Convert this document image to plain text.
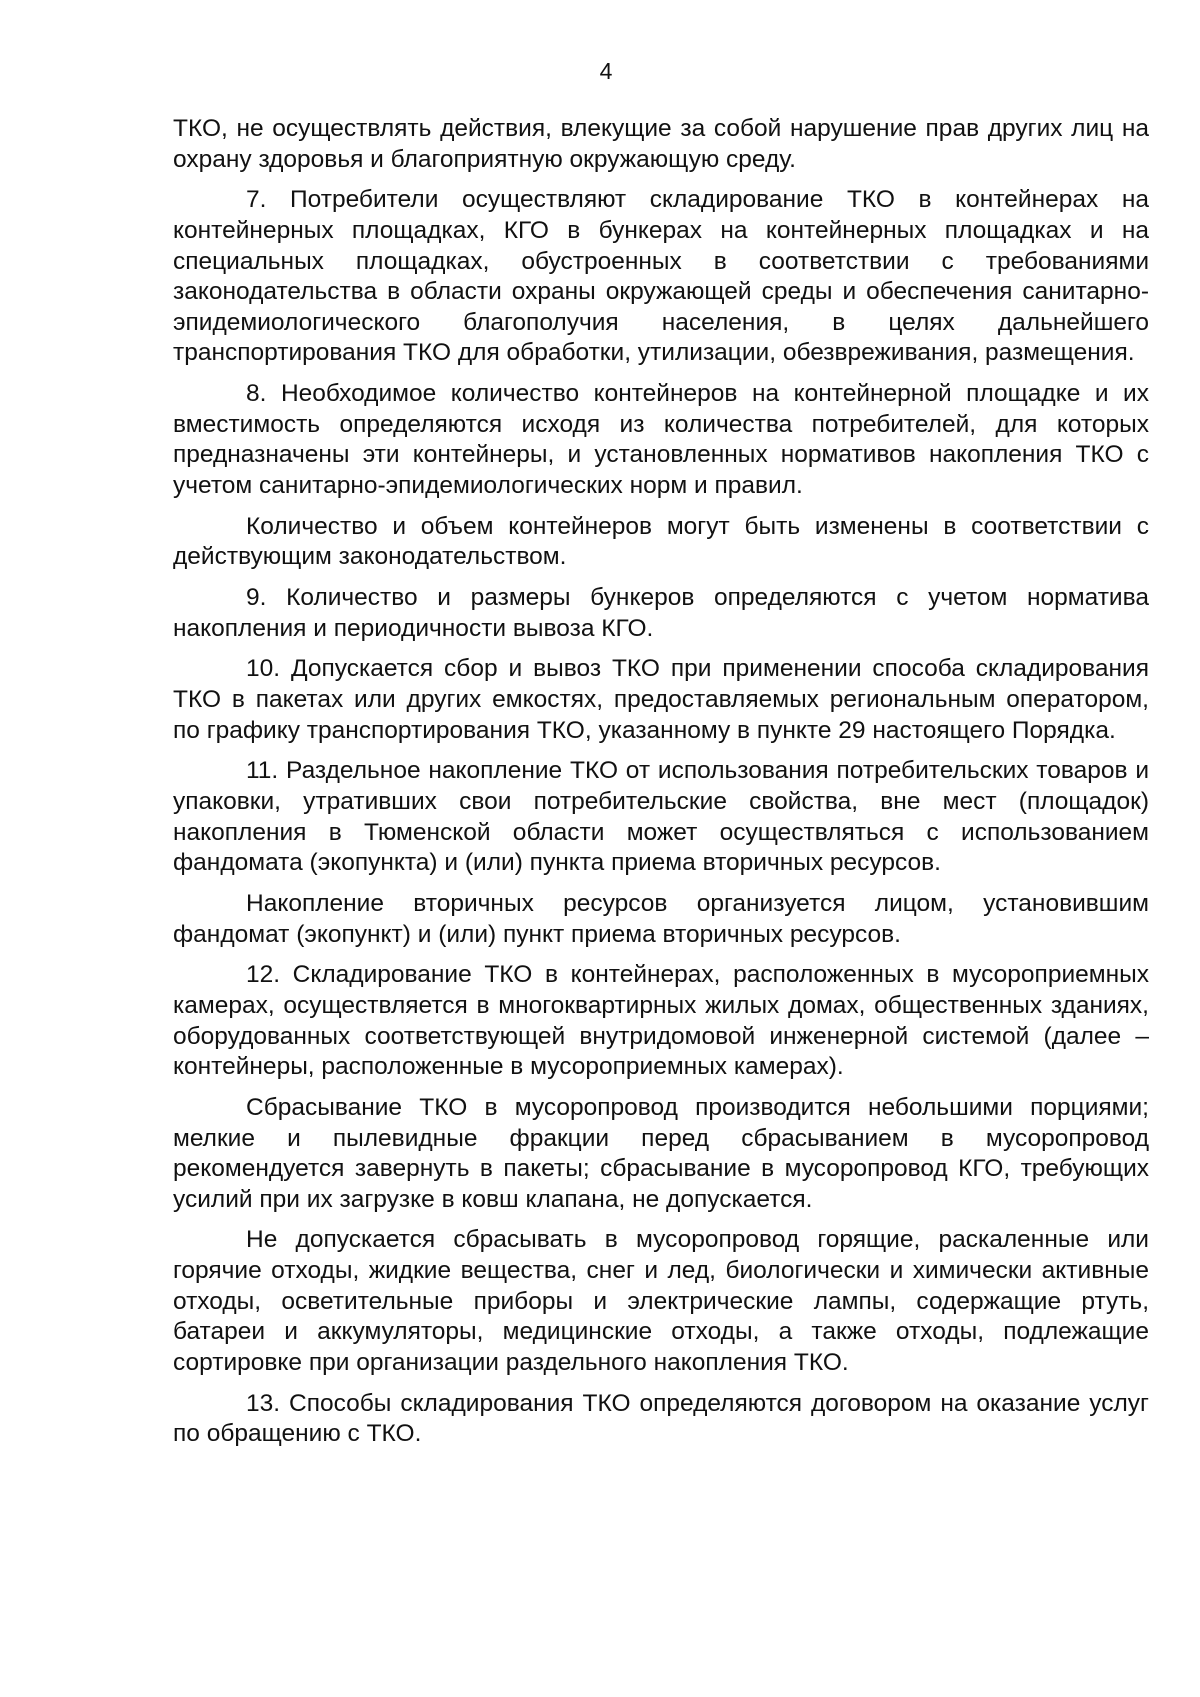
4

ТКО, не осуществлять действия, влекущие за собой нарушение прав других лиц на охрану здоровья и благоприятную окружающую среду.

7. Потребители осуществляют складирование ТКО в контейнерах на контейнерных площадках, КГО в бункерах на контейнерных площадках и на специальных площадках, обустроенных в соответствии с требованиями законодательства в области охраны окружающей среды и обеспечения санитарно-эпидемиологического благополучия населения, в целях дальнейшего транспортирования ТКО для обработки, утилизации, обезвреживания, размещения.

8. Необходимое количество контейнеров на контейнерной площадке и их вместимость определяются исходя из количества потребителей, для которых предназначены эти контейнеры, и установленных нормативов накопления ТКО с учетом санитарно-эпидемиологических норм и правил.

Количество и объем контейнеров могут быть изменены в соответствии с действующим законодательством.

9. Количество и размеры бункеров определяются с учетом норматива накопления и периодичности вывоза КГО.

10. Допускается сбор и вывоз ТКО при применении способа складирования ТКО в пакетах или других емкостях, предоставляемых региональным оператором, по графику транспортирования ТКО, указанному в пункте 29 настоящего Порядка.

11. Раздельное накопление ТКО от использования потребительских товаров и упаковки, утративших свои потребительские свойства, вне мест (площадок) накопления в Тюменской области может осуществляться с использованием фандомата (экопункта) и (или) пункта приема вторичных ресурсов.

Накопление вторичных ресурсов организуется лицом, установившим фандомат (экопункт) и (или) пункт приема вторичных ресурсов.

12. Складирование ТКО в контейнерах, расположенных в мусороприемных камерах, осуществляется в многоквартирных жилых домах, общественных зданиях, оборудованных соответствующей внутридомовой инженерной системой (далее – контейнеры, расположенные в мусороприемных камерах).

Сбрасывание ТКО в мусоропровод производится небольшими порциями; мелкие и пылевидные фракции перед сбрасыванием в мусоропровод рекомендуется завернуть в пакеты; сбрасывание в мусоропровод КГО, требующих усилий при их загрузке в ковш клапана, не допускается.

Не допускается сбрасывать в мусоропровод горящие, раскаленные или горячие отходы, жидкие вещества, снег и лед, биологически и химически активные отходы, осветительные приборы и электрические лампы, содержащие ртуть, батареи и аккумуляторы, медицинские отходы, а также отходы, подлежащие сортировке при организации раздельного накопления ТКО.

13. Способы складирования ТКО определяются договором на оказание услуг по обращению с ТКО.
